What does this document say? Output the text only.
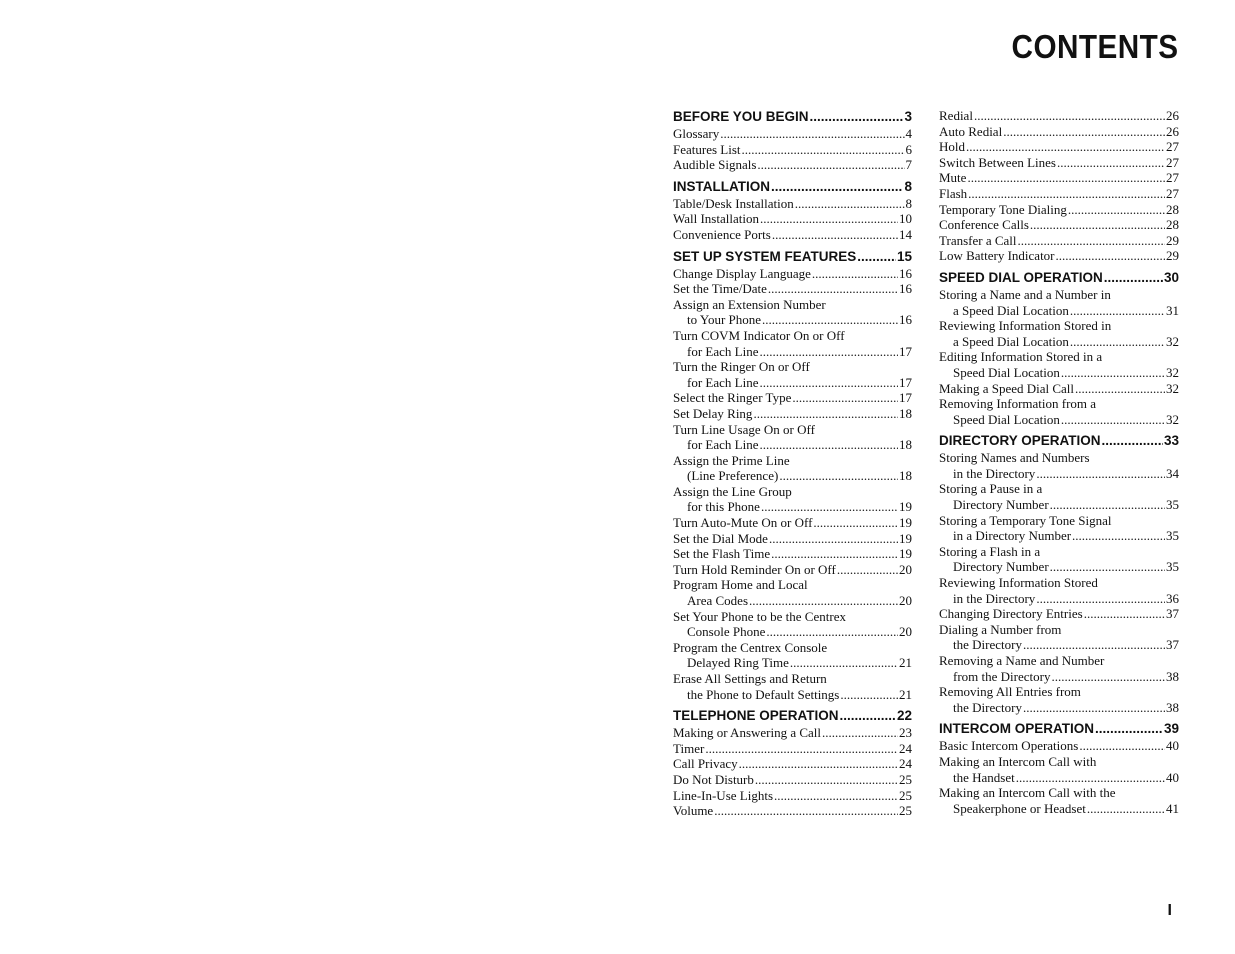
CONTENTS
BEFORE YOU BEGIN .....	3
Glossary .....	4
Features List .....	6
Audible Signals .....	7
INSTALLATION .....	8
Table/Desk Installation .....	8
Wall Installation .....	10
Convenience Ports .....	14
SET UP SYSTEM FEATURES .....	15
Change Display Language .....	16
Set the Time/Date .....	16
Assign an Extension Number
to Your Phone .....	16
Turn COVM Indicator On or Off
for Each Line .....	17
Turn the Ringer On or Off
for Each Line .....	17
Select the Ringer Type .....	17
Set Delay Ring .....	18
Turn Line Usage On or Off
for Each Line .....	18
Assign the Prime Line
(Line Preference) .....	18
Assign the Line Group
for this Phone .....	19
Turn Auto-Mute On or Off .....	19
Set the Dial Mode .....	19
Set the Flash Time .....	19
Turn Hold Reminder On or Off .....	20
Program Home and Local
Area Codes .....	20
Set Your Phone to be the Centrex
Console Phone .....	20
Program the Centrex Console
Delayed Ring Time .....	21
Erase All Settings and Return
the Phone to Default Settings .....	21
TELEPHONE OPERATION .....	22
Making or Answering a Call .....	23
Timer .....	24
Call Privacy .....	24
Do Not Disturb .....	25
Line-In-Use Lights .....	25
Volume .....	25
Redial .....	26
Auto Redial .....	26
Hold .....	27
Switch Between Lines .....	27
Mute .....	27
Flash .....	27
Temporary Tone Dialing .....	28
Conference Calls .....	28
Transfer a Call .....	29
Low Battery Indicator .....	29
SPEED DIAL OPERATION .....	30
Storing a Name and a Number in
a Speed Dial Location .....	31
Reviewing Information Stored in
a Speed Dial Location .....	32
Editing Information Stored in a
Speed Dial Location .....	32
Making a Speed Dial Call .....	32
Removing Information from a
Speed Dial Location .....	32
DIRECTORY OPERATION .....	33
Storing Names and Numbers
in the Directory .....	34
Storing a Pause in a
Directory Number .....	35
Storing a Temporary Tone Signal
in a Directory Number .....	35
Storing a Flash in a
Directory Number .....	35
Reviewing Information Stored
in the Directory .....	36
Changing Directory Entries .....	37
Dialing a Number from
the Directory .....	37
Removing a Name and Number
from the Directory .....	38
Removing All Entries from
the Directory .....	38
INTERCOM OPERATION .....	39
Basic Intercom Operations .....	40
Making an Intercom Call with
the Handset .....	40
Making an Intercom Call with the
Speakerphone or Headset .....	41
I
